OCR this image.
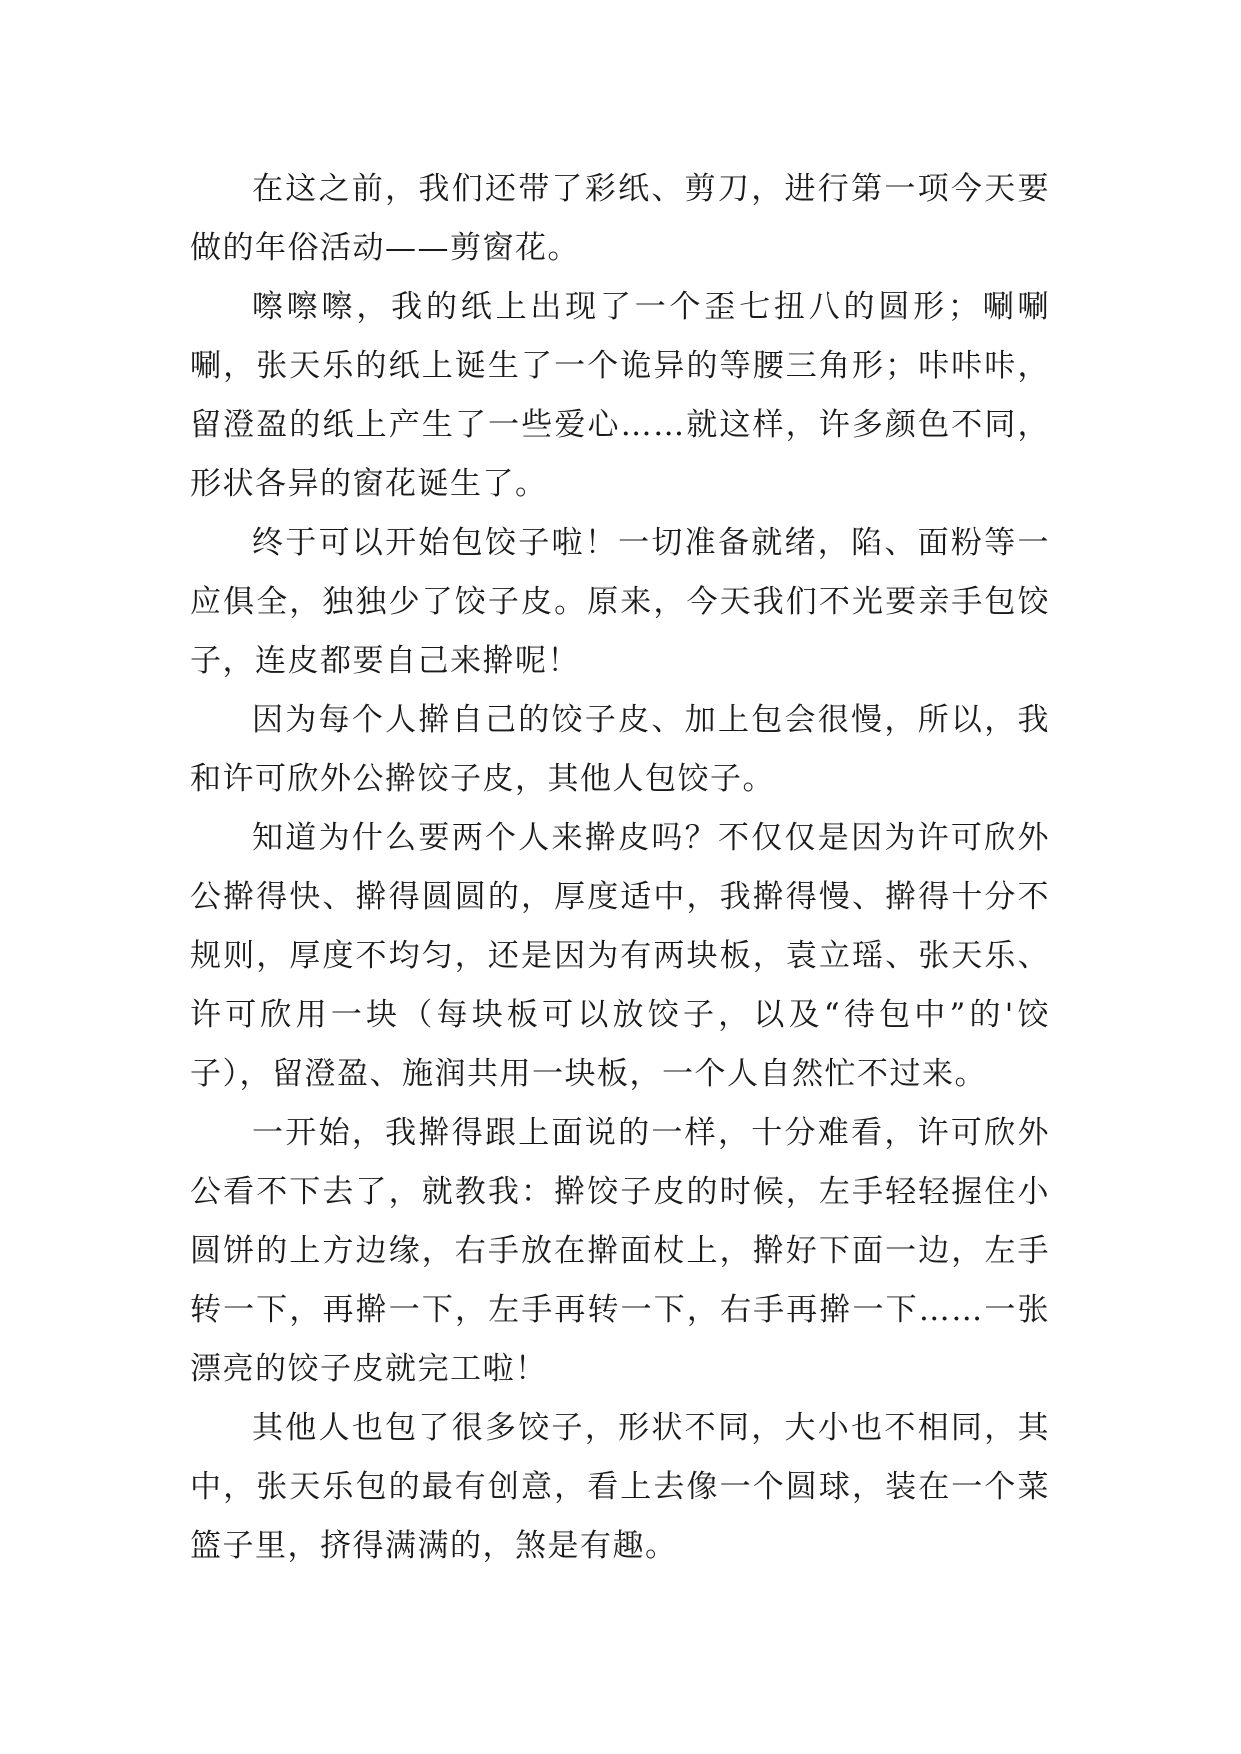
在这之前，我们还带了彩纸、剪刀，进行第一项今天要做的年俗活动——剪窗花。

嚓嚓嚓，我的纸上出现了一个歪七扭八的圆形；唰唰唰，张天乐的纸上诞生了一个诡异的等腰三角形；咔咔咔，留澄盈的纸上产生了一些爱心……就这样，许多颜色不同，形状各异的窗花诞生了。

终于可以开始包饺子啦！一切准备就绪，陷、面粉等一应俱全，独独少了饺子皮。原来，今天我们不光要亲手包饺子，连皮都要自己来擀呢！

因为每个人擀自己的饺子皮、加上包会很慢，所以，我和许可欣外公擀饺子皮，其他人包饺子。

知道为什么要两个人来擀皮吗？不仅仅是因为许可欣外公擀得快、擀得圆圆的，厚度适中，我擀得慢、擀得十分不规则，厚度不均匀，还是因为有两块板，袁立瑶、张天乐、许可欣用一块（每块板可以放饺子，以及“待包中”的'饺子），留澄盈、施润共用一块板，一个人自然忙不过来。

一开始，我擀得跟上面说的一样，十分难看，许可欣外公看不下去了，就教我：擀饺子皮的时候，左手轻轻握住小圆饼的上方边缘，右手放在擀面杖上，擀好下面一边，左手转一下，再擀一下，左手再转一下，右手再擀一下……一张漂亮的饺子皮就完工啦！

其他人也包了很多饺子，形状不同，大小也不相同，其中，张天乐包的最有创意，看上去像一个圆球，装在一个菜篮子里，挤得满满的，煞是有趣。
